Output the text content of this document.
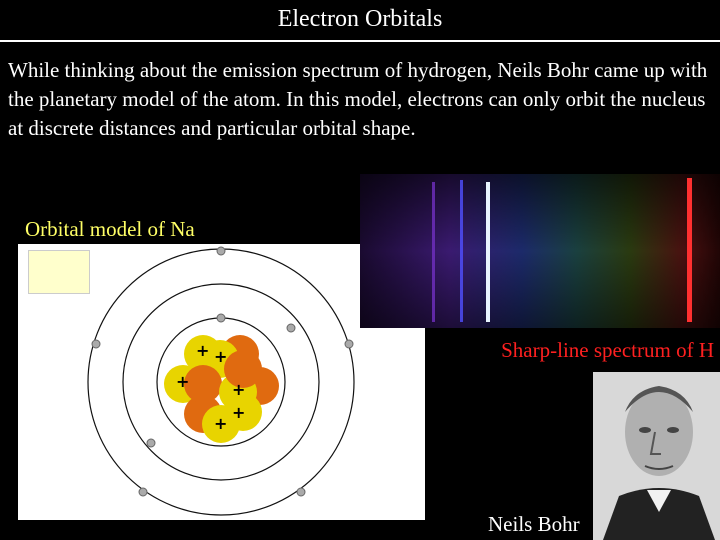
Electron Orbitals
While thinking about the emission spectrum of hydrogen, Neils Bohr came up with the planetary model of the atom. In this model, electrons can only orbit the nucleus at discrete distances and particular orbital shape.
Orbital model of Na
+ +
+	+
+
+
Sharp-line spectrum of H
Neils Bohr
